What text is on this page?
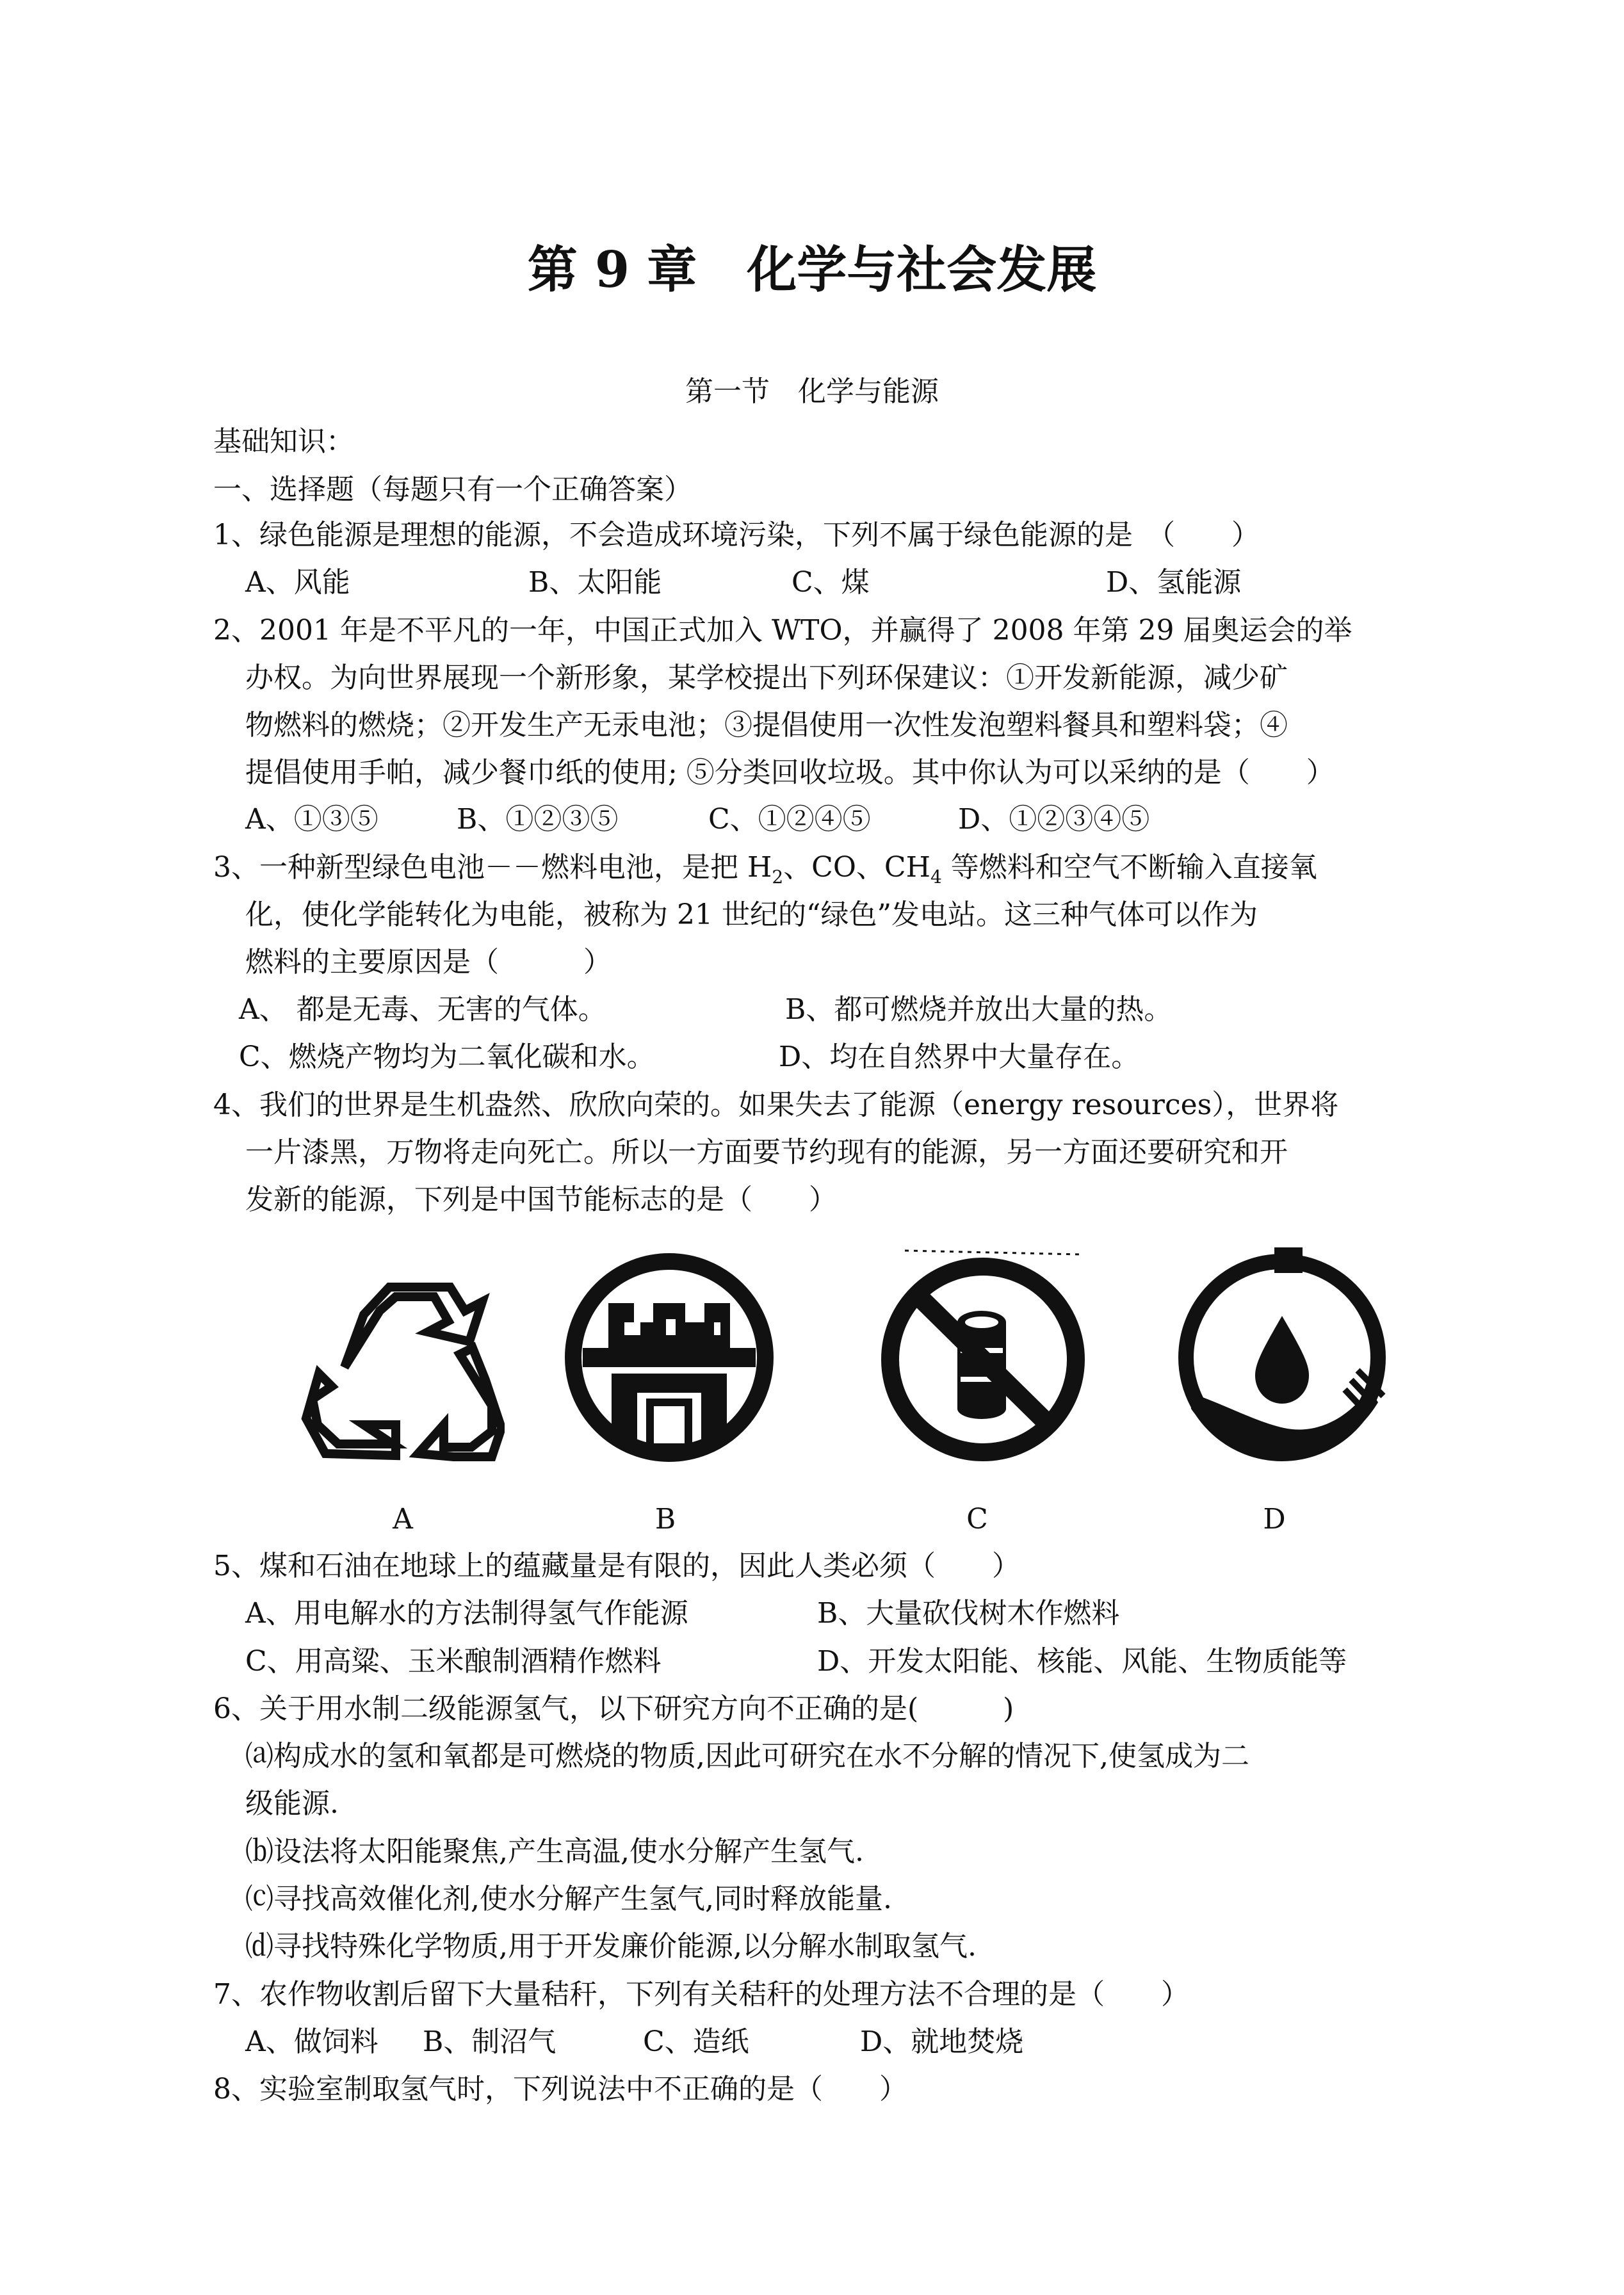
第 9 章　化学与社会发展
第一节　化学与能源
基础知识：
一、选择题（每题只有一个正确答案）
1、绿色能源是理想的能源，不会造成环境污染，下列不属于绿色能源的是　（　　）
A、风能	B、太阳能	C、煤	D、氢能源
2、2001 年是不平凡的一年，中国正式加入 WTO，并赢得了 2008 年第 29 届奥运会的举
办权。为向世界展现一个新形象，某学校提出下列环保建议：①开发新能源，减少矿
物燃料的燃烧；②开发生产无汞电池；③提倡使用一次性发泡塑料餐具和塑料袋；④
提倡使用手帕，减少餐巾纸的使用; ⑤分类回收垃圾。其中你认为可以采纳的是（　　）
A、①③⑤	B、①②③⑤	C、①②④⑤	D、①②③④⑤
3、一种新型绿色电池－－燃料电池，是把 $H_2$、CO、$CH_4$ 等燃料和空气不断输入直接氧
化，使化学能转化为电能，被称为 21 世纪的“绿色”发电站。这三种气体可以作为
燃料的主要原因是（　　　）
A、 都是无毒、无害的气体。	B、都可燃烧并放出大量的热。
C、燃烧产物均为二氧化碳和水。	D、均在自然界中大量存在。
4、我们的世界是生机盎然、欣欣向荣的。如果失去了能源（energy resources），世界将
一片漆黑，万物将走向死亡。所以一方面要节约现有的能源，另一方面还要研究和开
发新的能源，下列是中国节能标志的是（　　）
A	B	C	D
5、煤和石油在地球上的蕴藏量是有限的，因此人类必须（　　）
A、用电解水的方法制得氢气作能源	B、大量砍伐树木作燃料
C、用高粱、玉米酿制酒精作燃料	D、开发太阳能、核能、风能、生物质能等
6、关于用水制二级能源氢气，以下研究方向不正确的是(　　　)
⒜构成水的氢和氧都是可燃烧的物质,因此可研究在水不分解的情况下,使氢成为二
级能源.
⒝设法将太阳能聚焦,产生高温,使水分解产生氢气.
⒞寻找高效催化剂,使水分解产生氢气,同时释放能量.
⒟寻找特殊化学物质,用于开发廉价能源,以分解水制取氢气.
7、农作物收割后留下大量秸秆，下列有关秸秆的处理方法不合理的是（　　）
A、做饲料 B、制沼气	C、造纸	D、就地焚烧
8、实验室制取氢气时，下列说法中不正确的是（　　）
